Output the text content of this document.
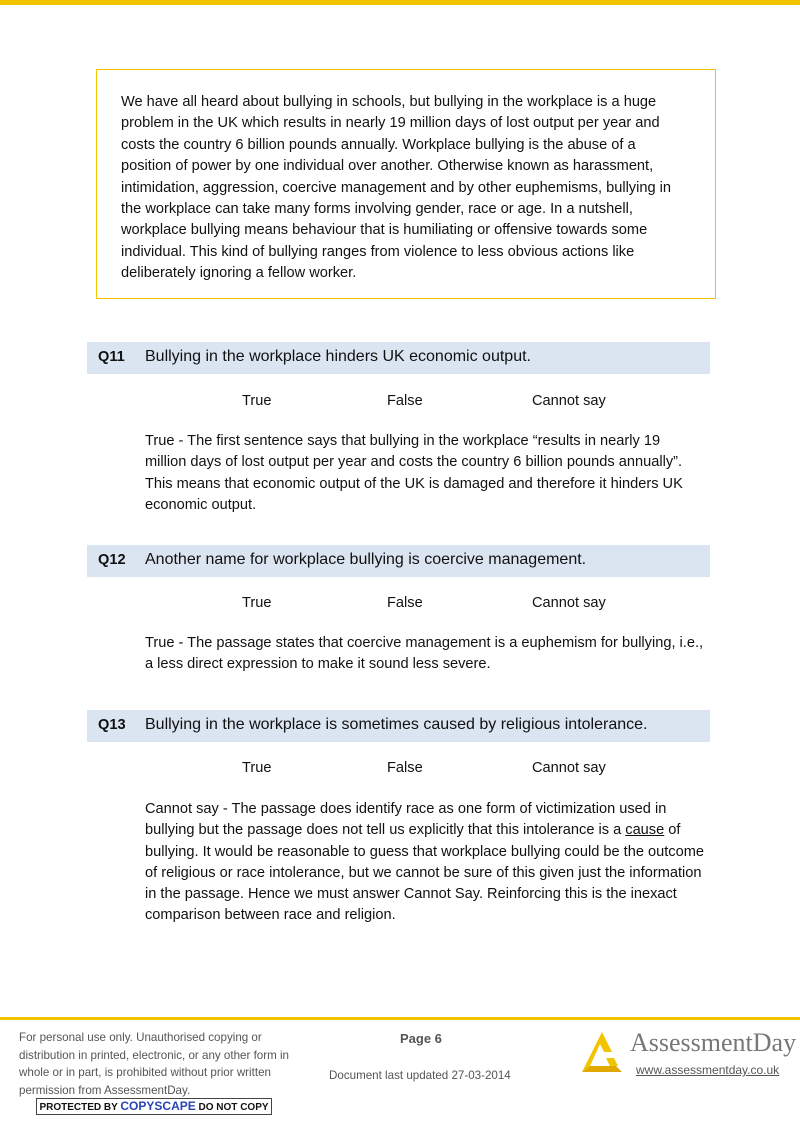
We have all heard about bullying in schools, but bullying in the workplace is a huge problem in the UK which results in nearly 19 million days of lost output per year and costs the country 6 billion pounds annually. Workplace bullying is the abuse of a position of power by one individual over another. Otherwise known as harassment, intimidation, aggression, coercive management and by other euphemisms, bullying in the workplace can take many forms involving gender, race or age. In a nutshell, workplace bullying means behaviour that is humiliating or offensive towards some individual. This kind of bullying ranges from violence to less obvious actions like deliberately ignoring a fellow worker.

Q11 Bullying in the workplace hinders UK economic output.
True	False	Cannot say

True - The first sentence says that bullying in the workplace “results in nearly 19 million days of lost output per year and costs the country 6 billion pounds annually”. This means that economic output of the UK is damaged and therefore it hinders UK economic output.

Q12 Another name for workplace bullying is coercive management.
True	False	Cannot say

True - The passage states that coercive management is a euphemism for bullying, i.e., a less direct expression to make it sound less severe.

Q13 Bullying in the workplace is sometimes caused by religious intolerance.
True	False	Cannot say

Cannot say - The passage does identify race as one form of victimization used in bullying but the passage does not tell us explicitly that this intolerance is a cause of bullying. It would be reasonable to guess that workplace bullying could be the outcome of religious or race intolerance, but we cannot be sure of this given just the information in the passage. Hence we must answer Cannot Say. Reinforcing this is the inexact comparison between race and religion.

For personal use only. Unauthorised copying or distribution in printed, electronic, or any other form in whole or in part, is prohibited without prior written permission from AssessmentDay.
PROTECTED BY COPYSCAPE DO NOT COPY
Page 6
Document last updated 27-03-2014
AssessmentDay
www.assessmentday.co.uk
